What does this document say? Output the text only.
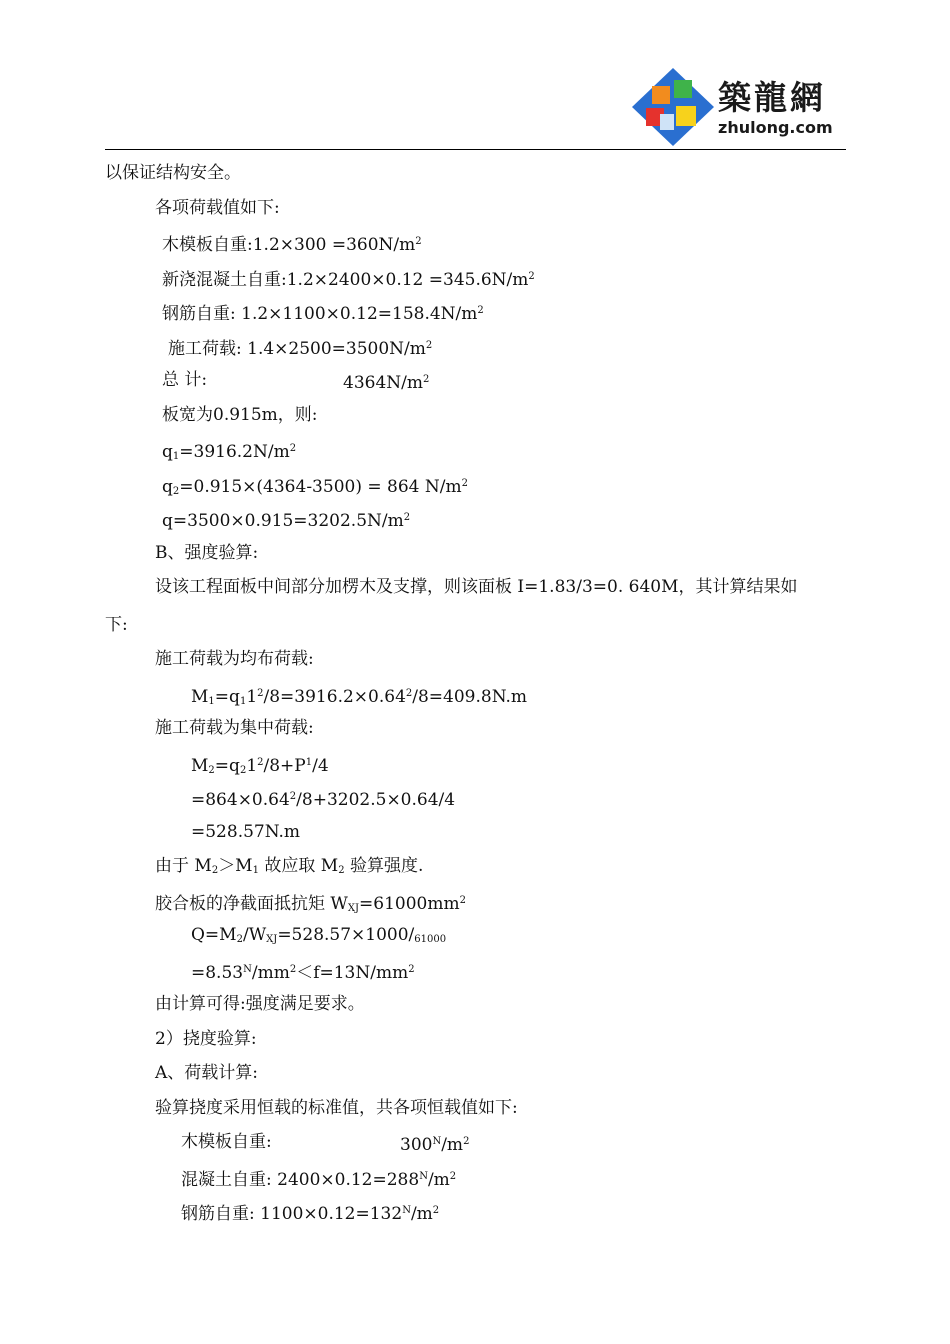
築龍網
zhulong.com
以保证结构安全。
各项荷载值如下:
木模板自重:1.2×300 $=360N/m^2$
新浇混凝土自重:1.2×2400×0.12 $=345.6N/m^2$
钢筋自重: $1.2\times 1100\times 0.12=158.4N/m^2$
施工荷载: $1.4\times 2500=3500N/m^2$
总 计:	$4364N/m^2$
板宽为0.915m，则:
$q_1=3916.2N/m^2$
$q_2=0.915\times(4364-3500) = 864$ $N/m^2$
$q=3500\times 0.915=3202.5N/m^2$
B、强度验算:
设该工程面板中间部分加楞木及支撑，则该面板 I=1.83/3=0. 640M，其计算结果如
下:
施工荷载为均布荷载:
$M_1=q_11^2/8=3916.2\times 0.64^2/8=409.8N.m$
施工荷载为集中荷载:
$M_2=q_21^2/8+P^1/4$
$=864\times 0.64^2/8+3202.5\times 0.64/4$
=528.57N.m
由于 $M_2>M_1$ 故应取 $M_2$ 验算强度.
胶合板的净截面抵抗矩 $W_{XJ}=61000mm^2$
$Q=M_2/W_{XJ}=528.57\times 1000/_{61000}$
$=8.53^N/mm^2<f=13N/mm^2$
由计算可得:强度满足要求。
2）挠度验算:
A、荷载计算:
验算挠度采用恒载的标准值，共各项恒载值如下:
木模板自重:	$300^N/m^2$
混凝土自重: $2400\times 0.12=288^N/m^2$
钢筋自重: $1100\times 0.12=132^N/m^2$
